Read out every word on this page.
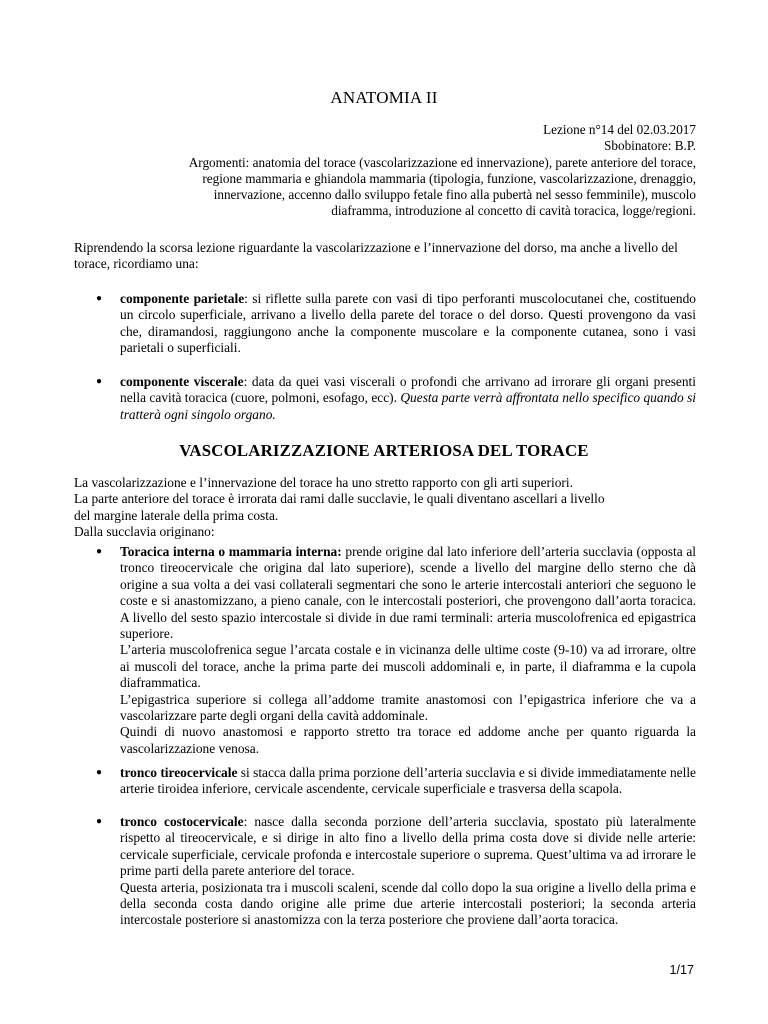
ANATOMIA II
Lezione n°14 del 02.03.2017
Sbobinatore: B.P.
Argomenti: anatomia del torace (vascolarizzazione ed innervazione), parete anteriore del torace,
regione mammaria e ghiandola mammaria (tipologia, funzione, vascolarizzazione, drenaggio,
innervazione, accenno dallo sviluppo fetale fino alla pubertà nel sesso femminile), muscolo
diaframma, introduzione al concetto di cavità toracica, logge/regioni.
Riprendendo la scorsa lezione riguardante la vascolarizzazione e l’innervazione del dorso, ma anche a livello del torace, ricordiamo una:
● componente parietale: si riflette sulla parete con vasi di tipo perforanti muscolocutanei che, costituendo un circolo superficiale, arrivano a livello della parete del torace o del dorso. Questi provengono da vasi che, diramandosi, raggiungono anche la componente muscolare e la componente cutanea, sono i vasi parietali o superficiali.
● componente viscerale: data da quei vasi viscerali o profondi che arrivano ad irrorare gli organi presenti nella cavità toracica (cuore, polmoni, esofago, ecc). Questa parte verrà affrontata nello specifico quando si tratterà ogni singolo organo.
VASCOLARIZZAZIONE ARTERIOSA DEL TORACE
La vascolarizzazione e l’innervazione del torace ha uno stretto rapporto con gli arti superiori.
La parte anteriore del torace è irrorata dai rami dalle succlavie, le quali diventano ascellari a livello
del margine laterale della prima costa.
Dalla succlavia originano:
● Toracica interna o mammaria interna: prende origine dal lato inferiore dell’arteria succlavia (opposta al tronco tireocervicale che origina dal lato superiore), scende a livello del margine dello sterno che dà origine a sua volta a dei vasi collaterali segmentari che sono le arterie intercostali anteriori che seguono le coste e si anastomizzano, a pieno canale, con le intercostali posteriori, che provengono dall’aorta toracica. A livello del sesto spazio intercostale si divide in due rami terminali: arteria muscolofrenica ed epigastrica superiore.
L’arteria muscolofrenica segue l’arcata costale e in vicinanza delle ultime coste (9-10) va ad irrorare, oltre ai muscoli del torace, anche la prima parte dei muscoli addominali e, in parte, il diaframma e la cupola diaframmatica.
L’epigastrica superiore si collega all’addome tramite anastomosi con l’epigastrica inferiore che va a vascolarizzare parte degli organi della cavità addominale.
Quindi di nuovo anastomosi e rapporto stretto tra torace ed addome anche per quanto riguarda la vascolarizzazione venosa.
● tronco tireocervicale si stacca dalla prima porzione dell’arteria succlavia e si divide immediatamente nelle arterie tiroidea inferiore, cervicale ascendente, cervicale superficiale e trasversa della scapola.
● tronco costocervicale: nasce dalla seconda porzione dell’arteria succlavia, spostato più lateralmente rispetto al tireocervicale, e si dirige in alto fino a livello della prima costa dove si divide nelle arterie: cervicale superficiale, cervicale profonda e intercostale superiore o suprema. Quest’ultima va ad irrorare le prime parti della parete anteriore del torace.
Questa arteria, posizionata tra i muscoli scaleni, scende dal collo dopo la sua origine a livello della prima e della seconda costa dando origine alle prime due arterie intercostali posteriori; la seconda arteria intercostale posteriore si anastomizza con la terza posteriore che proviene dall’aorta toracica.
1/17
